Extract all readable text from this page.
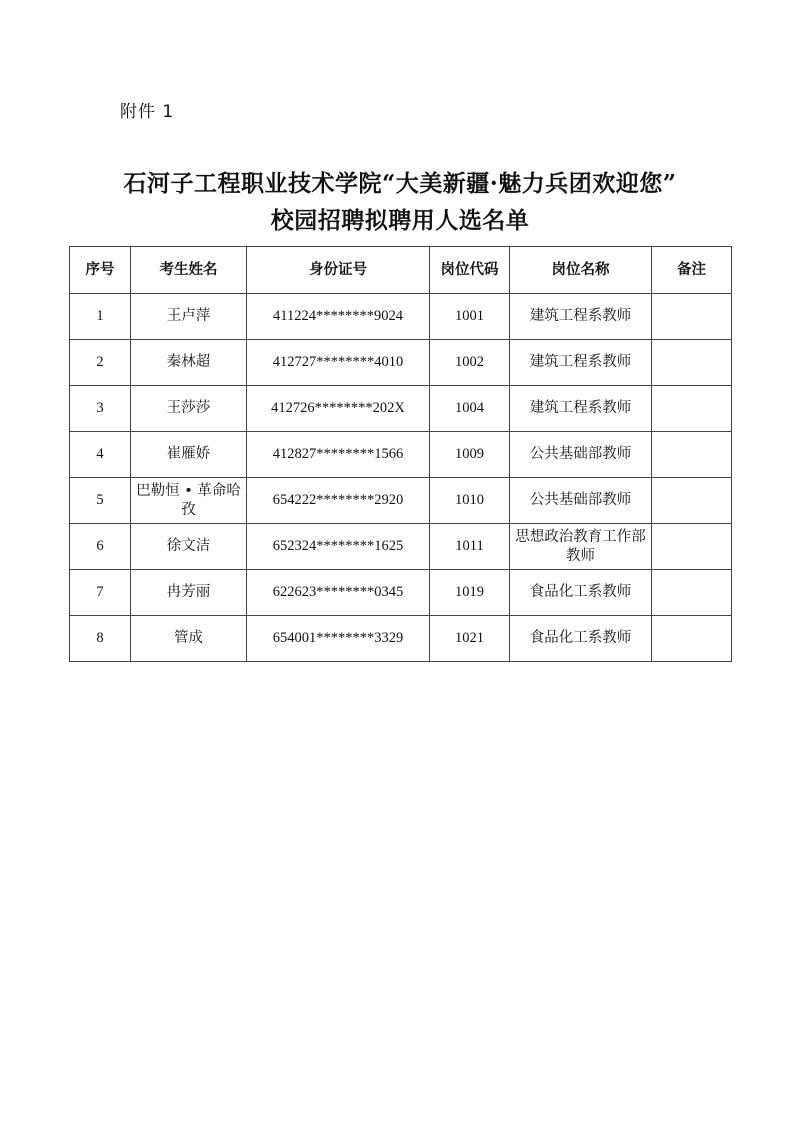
附件 1
石河子工程职业技术学院“大美新疆·魅力兵团欢迎您”
校园招聘拟聘用人选名单
序号	考生姓名	身份证号	岗位代码	岗位名称	备注
1	王卢萍	411224********9024	1001	建筑工程系教师	
2	秦林超	412727********4010	1002	建筑工程系教师	
3	王莎莎	412726********202X	1004	建筑工程系教师	
4	崔雁娇	412827********1566	1009	公共基础部教师	
5	巴勒恒 • 革命哈孜	654222********2920	1010	公共基础部教师	
6	徐文洁	652324********1625	1011	思想政治教育工作部教师	
7	冉芳丽	622623********0345	1019	食品化工系教师	
8	管成	654001********3329	1021	食品化工系教师	
